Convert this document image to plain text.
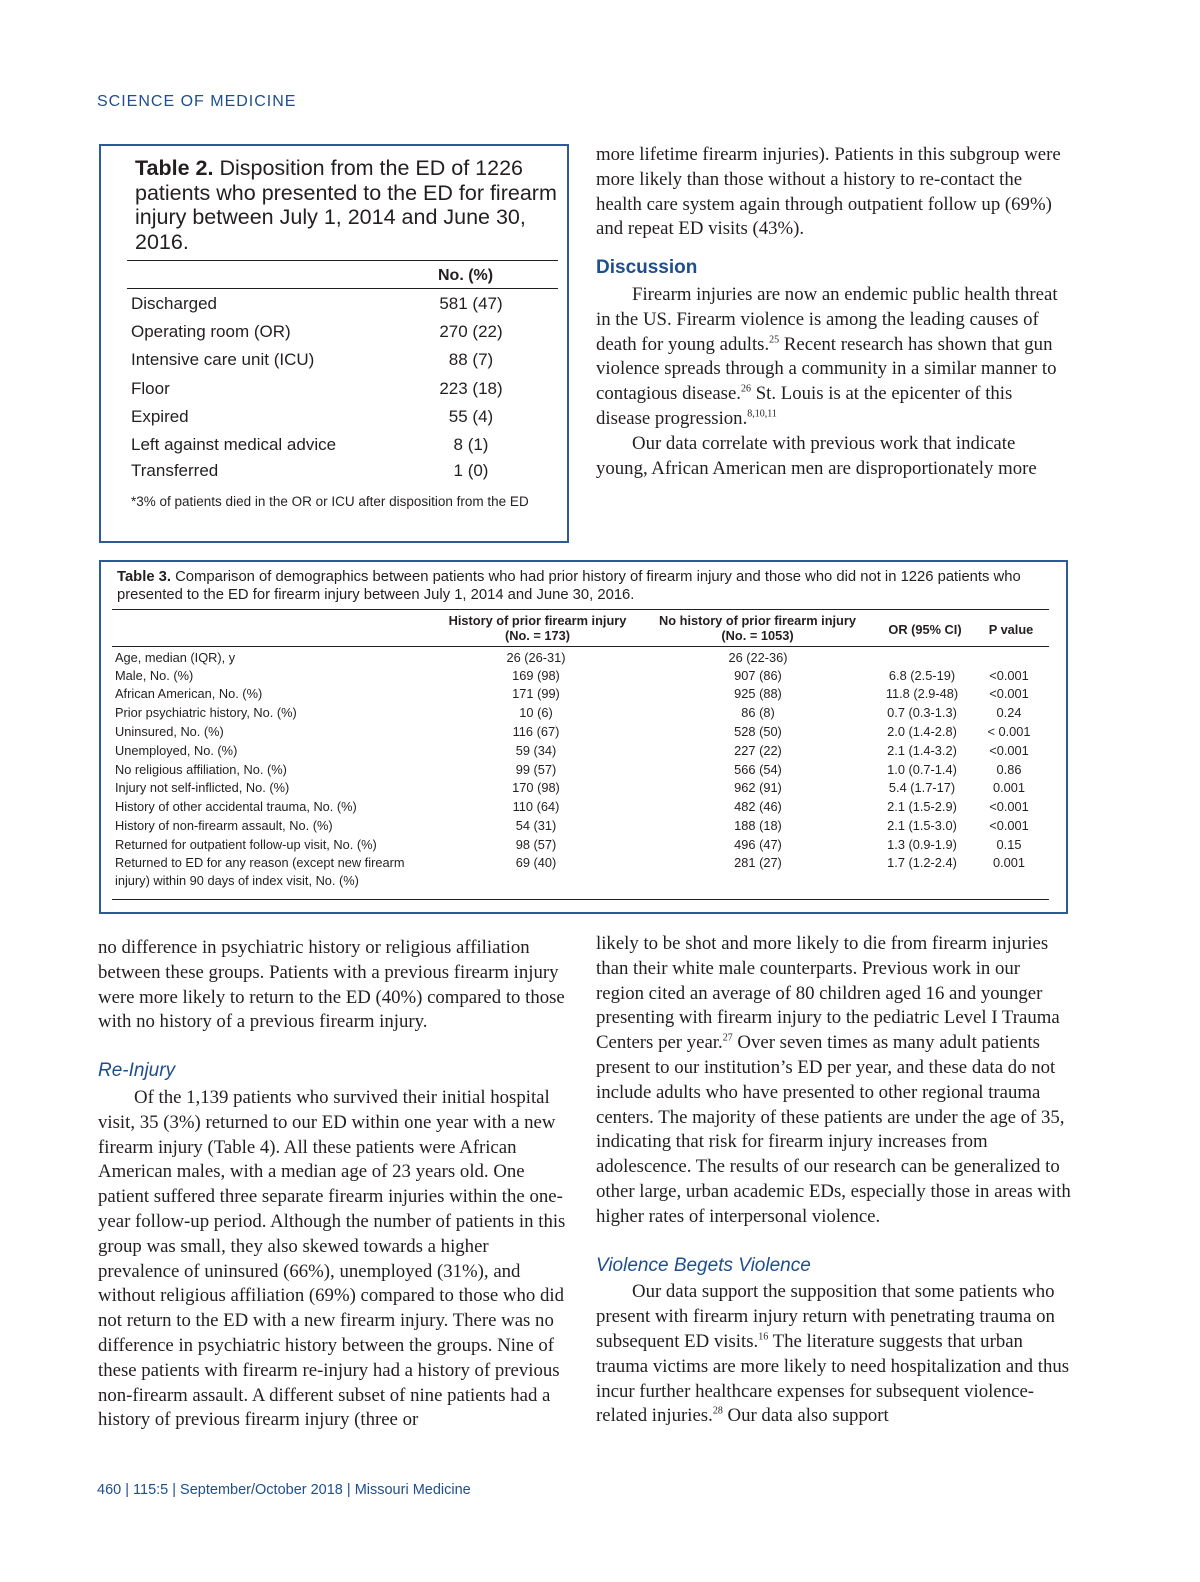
SCIENCE OF MEDICINE
Table 2. Disposition from the ED of 1226 patients who presented to the ED for firearm injury between July 1, 2014 and June 30, 2016.
No. (%)
Discharged	581 (47)
Operating room (OR)	270 (22)
Intensive care unit (ICU)	88 (7)
Floor	223 (18)
Expired	55 (4)
Left against medical advice	8 (1)
Transferred	1 (0)
*3% of patients died in the OR or ICU after disposition from the ED

more lifetime firearm injuries). Patients in this subgroup were more likely than those without a history to re-contact the health care system again through outpatient follow up (69%) and repeat ED visits (43%).

Discussion

Firearm injuries are now an endemic public health threat in the US. Firearm violence is among the leading causes of death for young adults.$^{25}$ Recent research has shown that gun violence spreads through a community in a similar manner to contagious disease.$^{26}$ St. Louis is at the epicenter of this disease progression.$^{8,10,11}$

Our data correlate with previous work that indicate young, African American men are disproportionately more

Table 3. Comparison of demographics between patients who had prior history of firearm injury and those who did not in 1226 patients who presented to the ED for firearm injury between July 1, 2014 and June 30, 2016.
History of prior firearm injury
(No. = 173)
No history of prior firearm injury
(No. = 1053)	OR (95% CI)	P value
Age, median (IQR), y	26 (26-31)	26 (22-36)
Male, No. (%)	169 (98)	907 (86)	6.8 (2.5-19)	<0.001
African American, No. (%)	171 (99)	925 (88)	11.8 (2.9-48)	<0.001
Prior psychiatric history, No. (%)	10 (6)	86 (8)	0.7 (0.3-1.3)	0.24
Uninsured, No. (%)	116 (67)	528 (50)	2.0 (1.4-2.8)	< 0.001
Unemployed, No. (%)	59 (34)	227 (22)	2.1 (1.4-3.2)	<0.001
No religious affiliation, No. (%)	99 (57)	566 (54)	1.0 (0.7-1.4)	0.86
Injury not self-inflicted, No. (%)	170 (98)	962 (91)	5.4 (1.7-17)	0.001
History of other accidental trauma, No. (%)	110 (64)	482 (46)	2.1 (1.5-2.9)	<0.001
History of non-firearm assault, No. (%)	54 (31)	188 (18)	2.1 (1.5-3.0)	<0.001
Returned for outpatient follow-up visit, No. (%)	98 (57)	496 (47)	1.3 (0.9-1.9)	0.15
Returned to ED for any reason (except new firearm	69 (40)	281 (27)	1.7 (1.2-2.4)	0.001
injury) within 90 days of index visit, No. (%)

no difference in psychiatric history or religious affiliation between these groups. Patients with a previous firearm injury were more likely to return to the ED (40%) compared to those with no history of a previous firearm injury.

Re-Injury

Of the 1,139 patients who survived their initial hospital visit, 35 (3%) returned to our ED within one year with a new firearm injury (Table 4). All these patients were African American males, with a median age of 23 years old. One patient suffered three separate firearm injuries within the one-year follow-up period. Although the number of patients in this group was small, they also skewed towards a higher prevalence of uninsured (66%), unemployed (31%), and without religious affiliation (69%) compared to those who did not return to the ED with a new firearm injury. There was no difference in psychiatric history between the groups. Nine of these patients with firearm re-injury had a history of previous non-firearm assault. A different subset of nine patients had a history of previous firearm injury (three or

likely to be shot and more likely to die from firearm injuries than their white male counterparts. Previous work in our region cited an average of 80 children aged 16 and younger presenting with firearm injury to the pediatric Level I Trauma Centers per year.$^{27}$ Over seven times as many adult patients present to our institution’s ED per year, and these data do not include adults who have presented to other regional trauma centers. The majority of these patients are under the age of 35, indicating that risk for firearm injury increases from adolescence. The results of our research can be generalized to other large, urban academic EDs, especially those in areas with higher rates of interpersonal violence.

Violence Begets Violence

Our data support the supposition that some patients who present with firearm injury return with penetrating trauma on subsequent ED visits.$^{16}$ The literature suggests that urban trauma victims are more likely to need hospitalization and thus incur further healthcare expenses for subsequent violence-related injuries.$^{28}$ Our data also support

460 | 115:5 | September/October 2018 | Missouri Medicine
